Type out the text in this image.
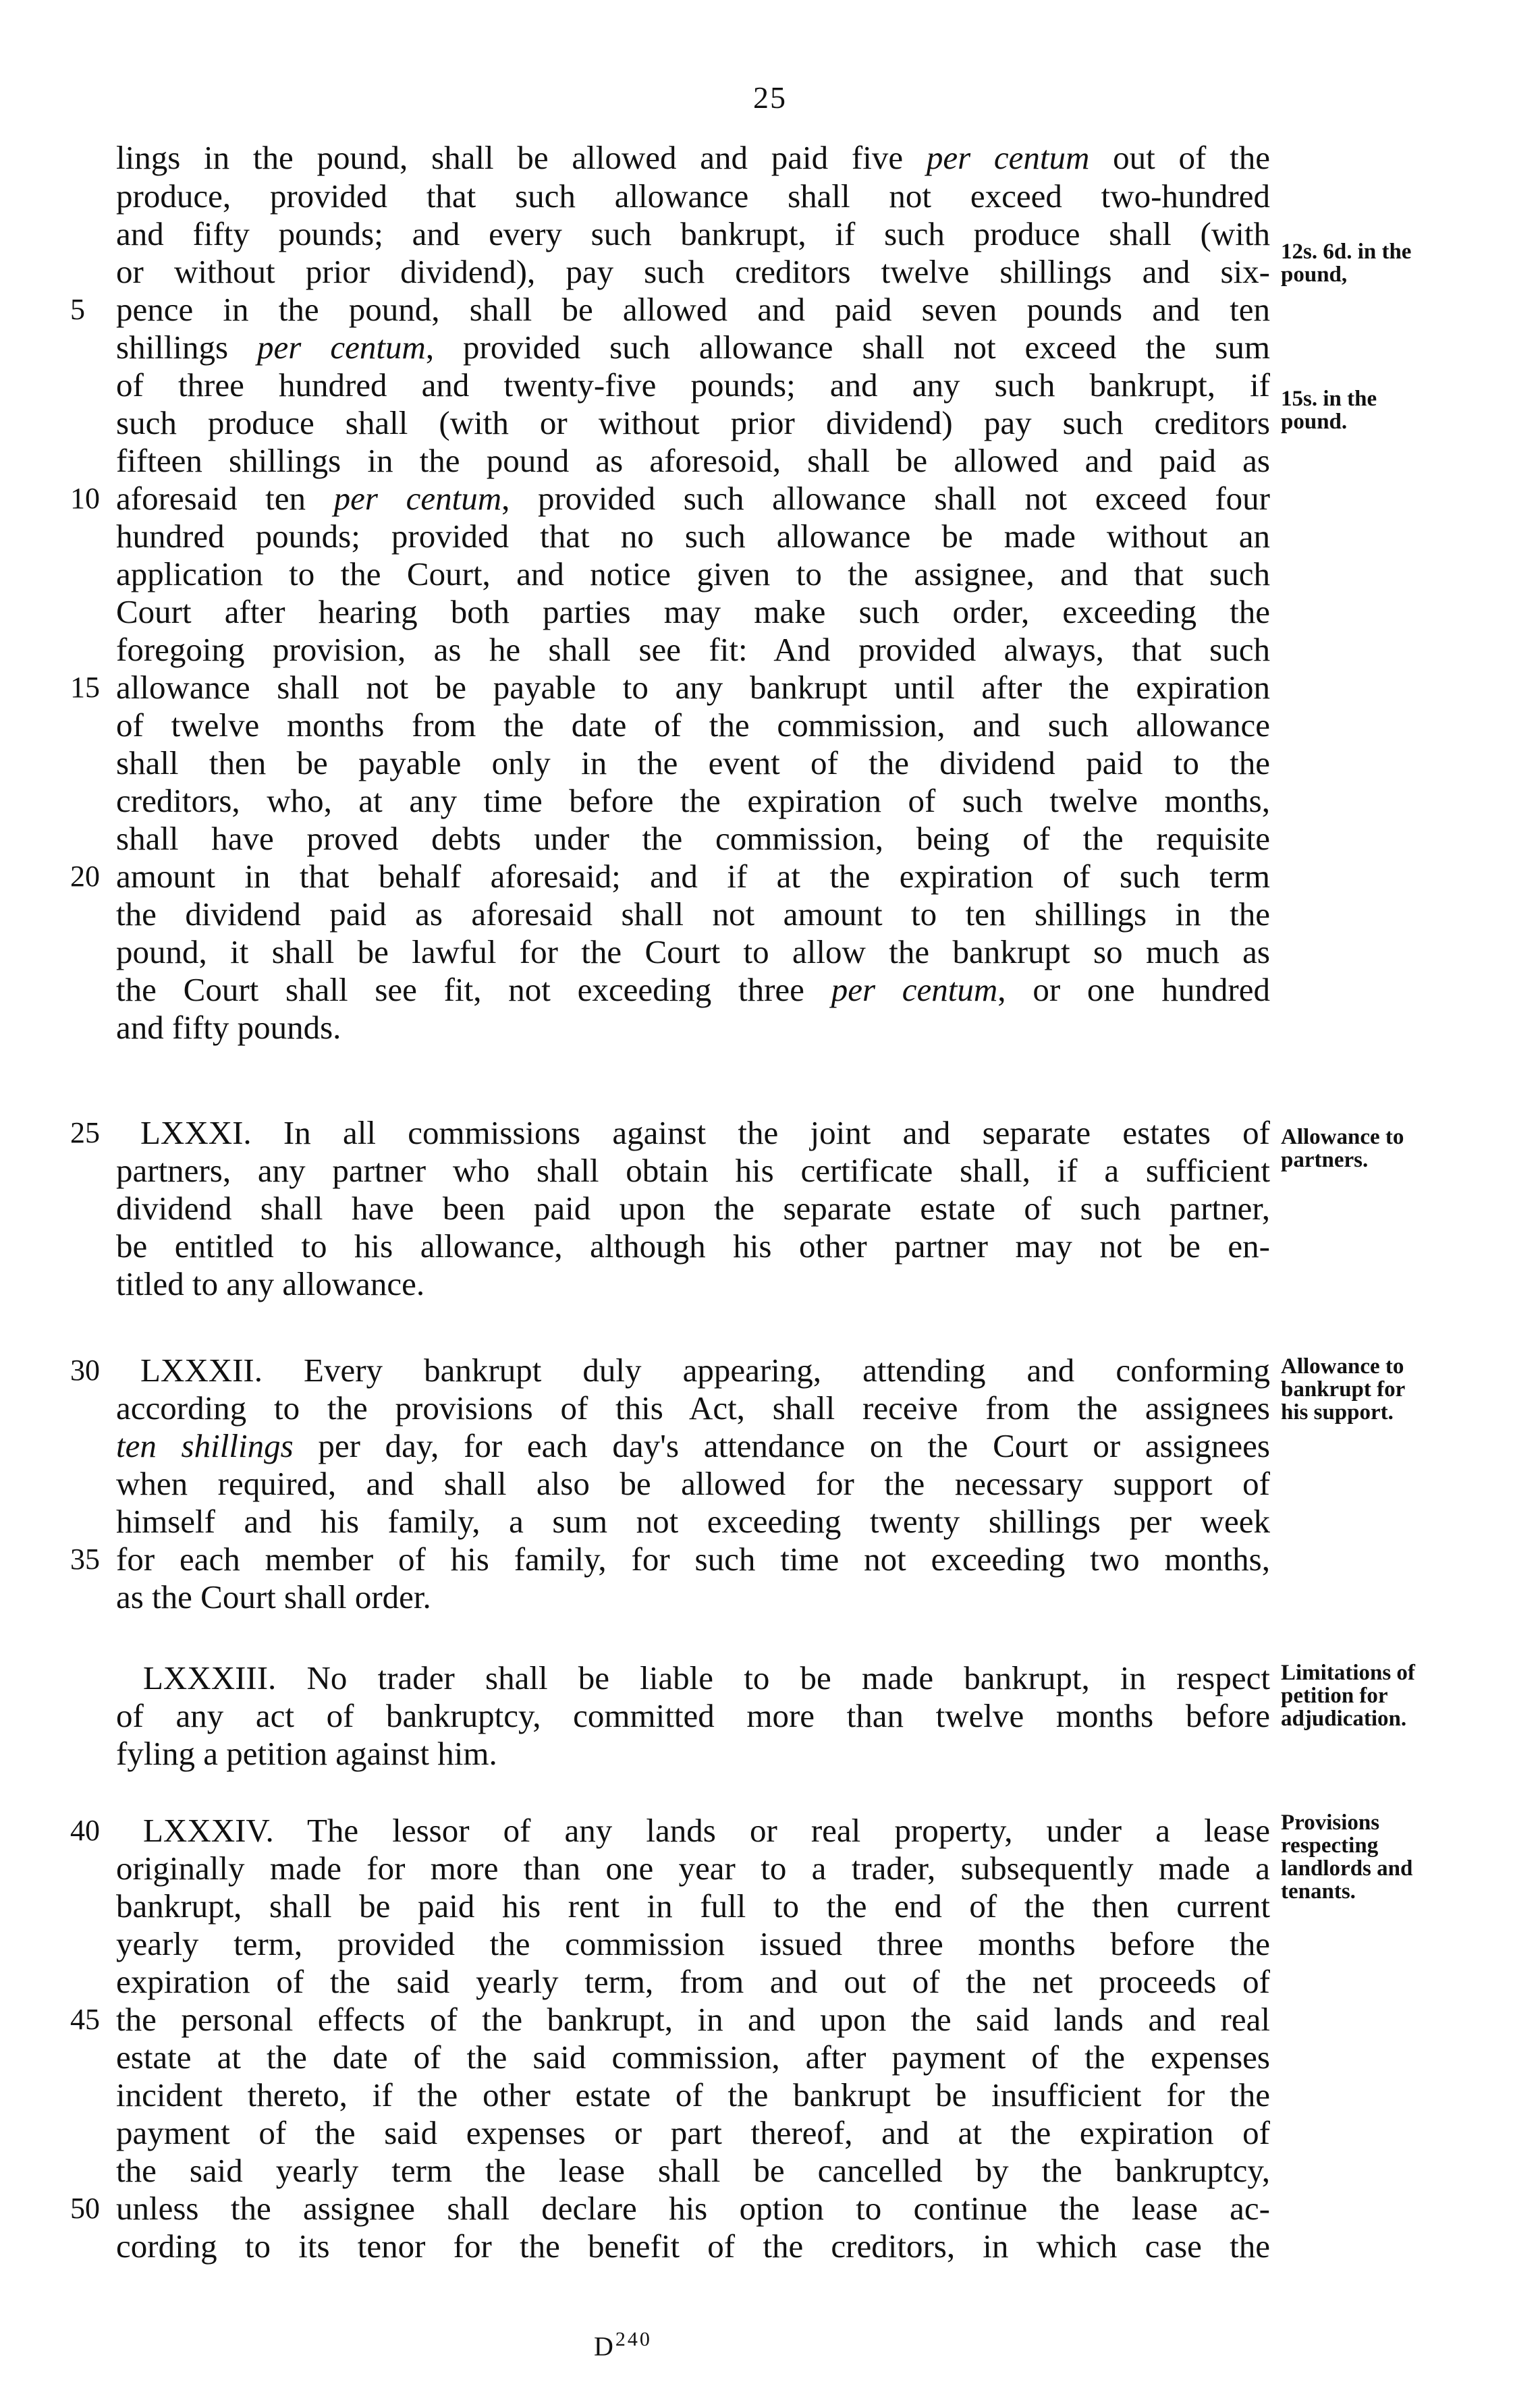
25
lings in the pound, shall be allowed and paid five per centum out of the
produce, provided that such allowance shall not exceed two-hundred
and fifty pounds; and every such bankrupt, if such produce shall (with
or without prior dividend), pay such creditors twelve shillings and six-
pence in the pound, shall be allowed and paid seven pounds and ten
shillings per centum, provided such allowance shall not exceed the sum
of three hundred and twenty-five pounds; and any such bankrupt, if
such produce shall (with or without prior dividend) pay such creditors
fifteen shillings in the pound as aforesoid, shall be allowed and paid as
aforesaid ten per centum, provided such allowance shall not exceed four
hundred pounds; provided that no such allowance be made without an
application to the Court, and notice given to the assignee, and that such
Court after hearing both parties may make such order, exceeding the
foregoing provision, as he shall see fit: And provided always, that such
allowance shall not be payable to any bankrupt until after the expiration
of twelve months from the date of the commission, and such allowance
shall then be payable only in the event of the dividend paid to the
creditors, who, at any time before the expiration of such twelve months,
shall have proved debts under the commission, being of the requisite
amount in that behalf aforesaid; and if at the expiration of such term
the dividend paid as aforesaid shall not amount to ten shillings in the
pound, it shall be lawful for the Court to allow the bankrupt so much as
the Court shall see fit, not exceeding three per centum, or one hundred
and fifty pounds.
LXXXI. In all commissions against the joint and separate estates of
partners, any partner who shall obtain his certificate shall, if a sufficient
dividend shall have been paid upon the separate estate of such partner,
be entitled to his allowance, although his other partner may not be en-
titled to any allowance.
LXXXII. Every bankrupt duly appearing, attending and conforming
according to the provisions of this Act, shall receive from the assignees
ten shillings per day, for each day's attendance on the Court or assignees
when required, and shall also be allowed for the necessary support of
himself and his family, a sum not exceeding twenty shillings per week
for each member of his family, for such time not exceeding two months,
as the Court shall order.
LXXXIII. No trader shall be liable to be made bankrupt, in respect
of any act of bankruptcy, committed more than twelve months before
fyling a petition against him.
LXXXIV. The lessor of any lands or real property, under a lease
originally made for more than one year to a trader, subsequently made a
bankrupt, shall be paid his rent in full to the end of the then current
yearly term, provided the commission issued three months before the
expiration of the said yearly term, from and out of the net proceeds of
the personal effects of the bankrupt, in and upon the said lands and real
estate at the date of the said commission, after payment of the expenses
incident thereto, if the other estate of the bankrupt be insufficient for the
payment of the said expenses or part thereof, and at the expiration of
the said yearly term the lease shall be cancelled by the bankruptcy,
unless the assignee shall declare his option to continue the lease ac-
cording to its tenor for the benefit of the creditors, in which case the
5
10
15
20
25
30
35
40
45
50
12s. 6d. in the
pound,
15s. in the
pound.
Allowance to
partners.
Allowance to
bankrupt for
his support.
Limitations of
petition for
adjudication.
Provisions
respecting
landlords and
tenants.
$D^{240}$
